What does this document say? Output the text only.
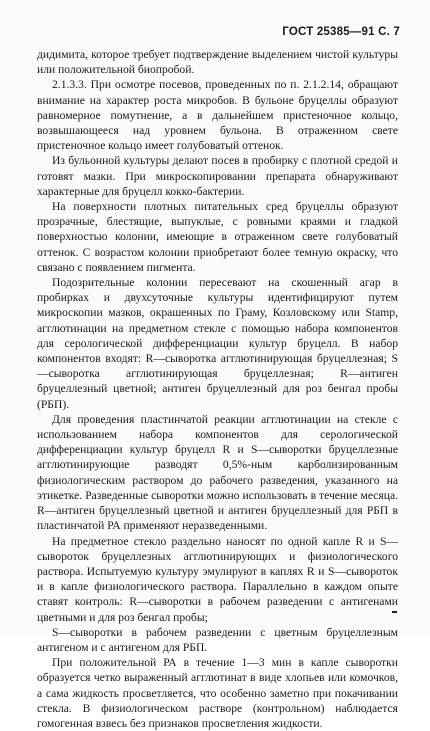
ГОСТ 25385—91 С. 7

дидимита, которое требует подтверждение выделением чистой культуры или положительной биопробой.

2.1.3.3. При осмотре посевов, проведенных по п. 2.1.2.14, обращают внимание на характер роста микробов. В бульоне бруцеллы образуют равномерное помутнение, а в дальнейшем пристеночное кольцо, возвышающееся над уровнем бульона. В отраженном свете пристеночное кольцо имеет голубоватый оттенок.

Из бульонной культуры делают посев в пробирку с плотной средой и готовят мазки. При микроскопировании препарата обнаруживают характерные для бруцелл кокко-бактерии.

На поверхности плотных питательных сред бруцеллы образуют прозрачные, блестящие, выпуклые, с ровными краями и гладкой поверхностью колонии, имеющие в отраженном свете голубоватый оттенок. С возрастом колонии приобретают более темную окраску, что связано с появлением пигмента.

Подозрительные колонии пересевают на скошенный агар в пробирках и двухсуточные культуры идентифицируют путем микроскопии мазков, окрашенных по Граму, Козловскому или Stamp, агглютинации на предметном стекле с помощью набора компонентов для серологической дифференциации культур бруцелл. В набор компонентов входят: R—сыворотка агглютинирующая бруцеллезная; S—сыворотка агглютинирующая бруцеллезная; R—антиген бруцеллезный цветной; антиген бруцеллезный для роз бенгал пробы (РБП).

Для проведения пластинчатой реакции агглютинации на стекле с использованием набора компонентов для серологической дифференциации культур бруцелл R и S—сыворотки бруцеллезные агглютинирующие разводят 0,5%-ным карболизированным физиологическим раствором до рабочего разведения, указанного на этикетке. Разведенные сыворотки можно использовать в течение месяца. R—антиген бруцеллезный цветной и антиген бруцеллезный для РБП в пластинчатой РА применяют неразведенными.

На предметное стекло раздельно наносят по одной капле R и S—сывороток бруцеллезных агглютинирующих и физиологического раствора. Испытуемую культуру эмулируют в каплях R и S—сывороток и в капле физиологического раствора. Параллельно в каждом опыте ставят контроль: R—сыворотки в рабочем разведении с антигенами цветными и для роз бенгал пробы;

S—сыворотки в рабочем разведении с цветным бруцеллезным антигеном и с антигеном для РБП.

При положительной РА в течение 1—3 мин в капле сыворотки образуется четко выраженный агглютинат в виде хлопьев или комочков, а сама жидкость просветляется, что особенно заметно при покачивании стекла. В физиологическом растворе (контрольном) наблюдается гомогенная взвесь без признаков просветления жидкости.
